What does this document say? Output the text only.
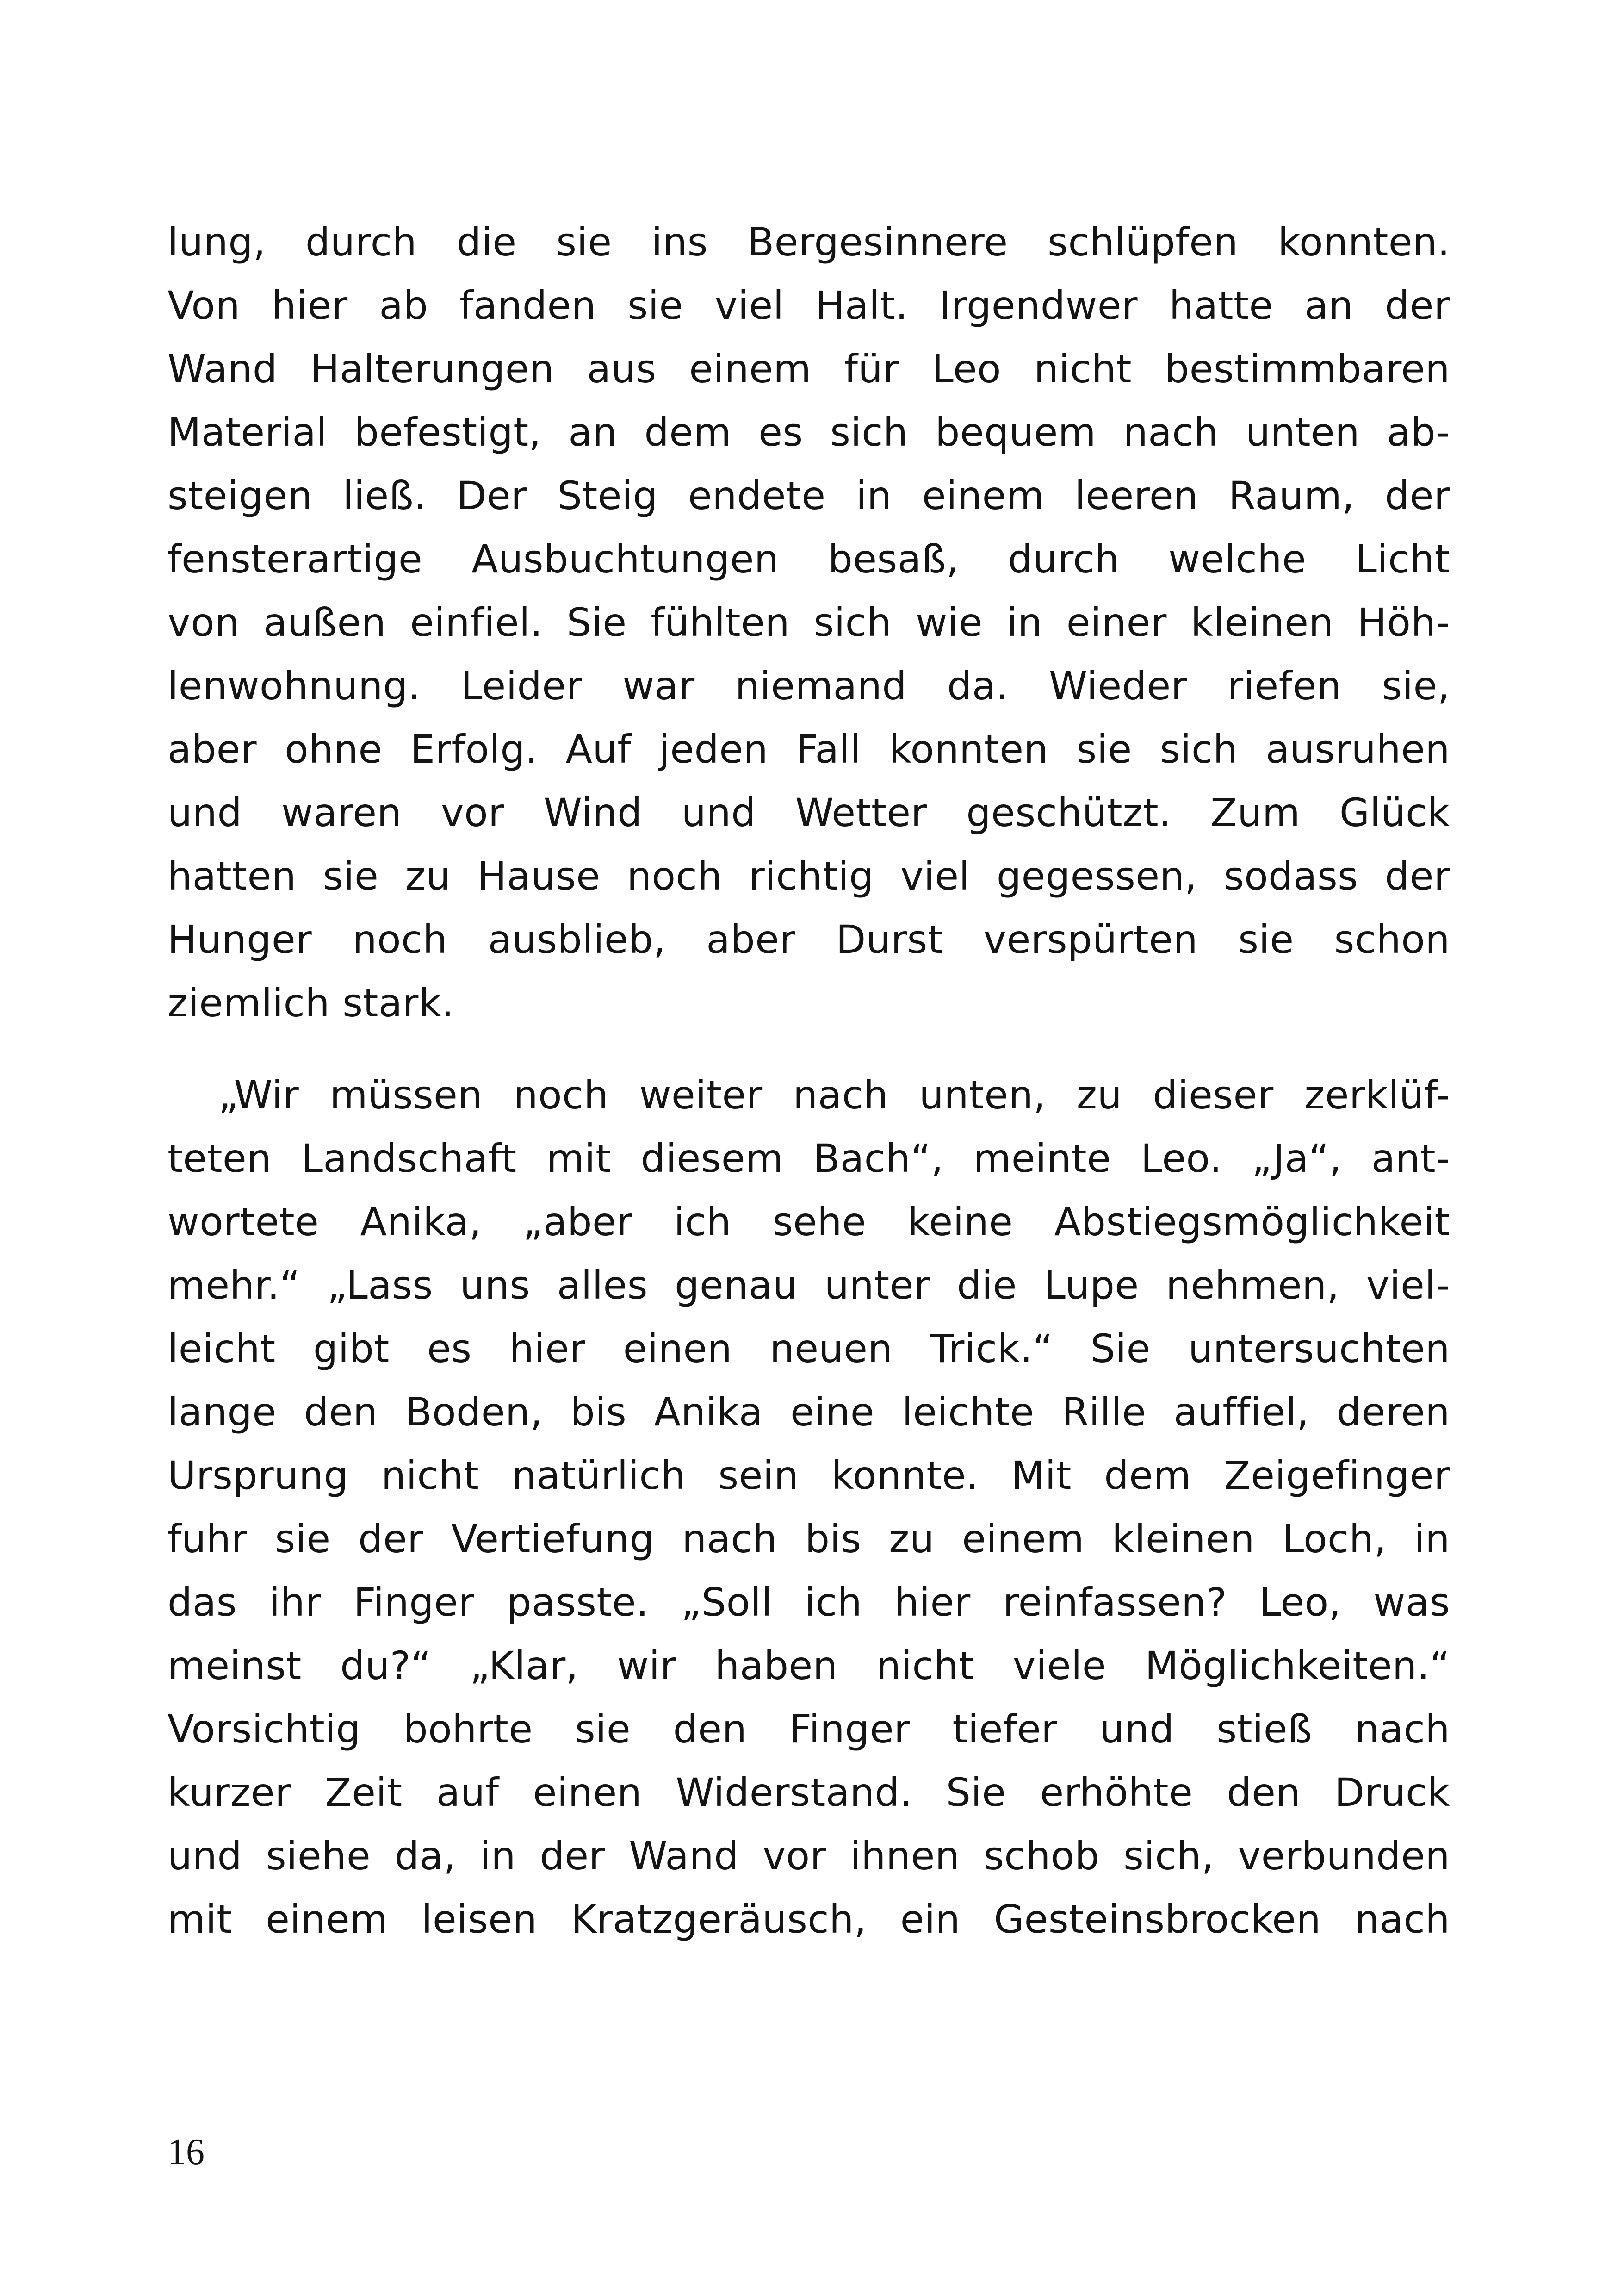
lung, durch die sie ins Bergesinnere schlüpfen konnten.
Von hier ab fanden sie viel Halt. Irgendwer hatte an der
Wand Halterungen aus einem für Leo nicht bestimmbaren
Material befestigt, an dem es sich bequem nach unten ab-
steigen ließ. Der Steig endete in einem leeren Raum, der
fensterartige Ausbuchtungen besaß, durch welche Licht
von außen einfiel. Sie fühlten sich wie in einer kleinen Höh-
lenwohnung. Leider war niemand da. Wieder riefen sie,
aber ohne Erfolg. Auf jeden Fall konnten sie sich ausruhen
und waren vor Wind und Wetter geschützt. Zum Glück
hatten sie zu Hause noch richtig viel gegessen, sodass der
Hunger noch ausblieb, aber Durst verspürten sie schon
ziemlich stark.

„Wir müssen noch weiter nach unten, zu dieser zerklüf-
teten Landschaft mit diesem Bach“, meinte Leo. „Ja“, ant-
wortete Anika, „aber ich sehe keine Abstiegsmöglichkeit
mehr.“ „Lass uns alles genau unter die Lupe nehmen, viel-
leicht gibt es hier einen neuen Trick.“ Sie untersuchten
lange den Boden, bis Anika eine leichte Rille auffiel, deren
Ursprung nicht natürlich sein konnte. Mit dem Zeigefinger
fuhr sie der Vertiefung nach bis zu einem kleinen Loch, in
das ihr Finger passte. „Soll ich hier reinfassen? Leo, was
meinst du?“ „Klar, wir haben nicht viele Möglichkeiten.“
Vorsichtig bohrte sie den Finger tiefer und stieß nach
kurzer Zeit auf einen Widerstand. Sie erhöhte den Druck
und siehe da, in der Wand vor ihnen schob sich, verbunden
mit einem leisen Kratzgeräusch, ein Gesteinsbrocken nach

16
